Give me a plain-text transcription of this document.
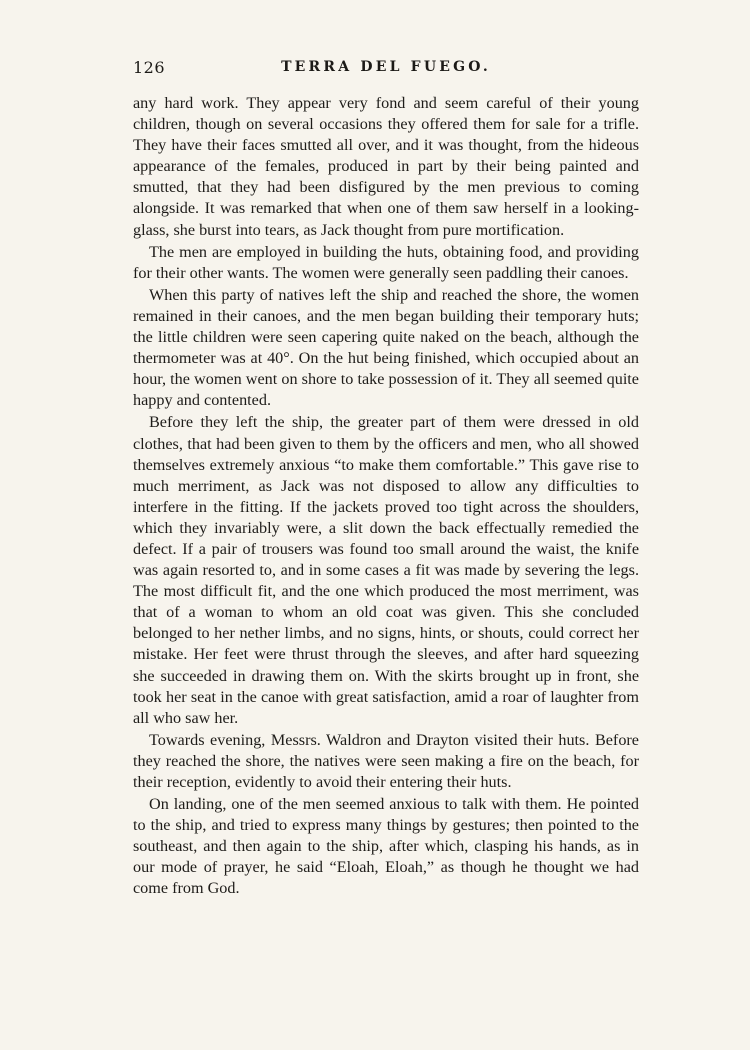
126	TERRA DEL FUEGO.

any hard work. They appear very fond and seem careful of their young children, though on several occasions they offered them for sale for a trifle. They have their faces smutted all over, and it was thought, from the hideous appearance of the females, produced in part by their being painted and smutted, that they had been disfigured by the men previous to coming alongside. It was remarked that when one of them saw herself in a looking-glass, she burst into tears, as Jack thought from pure mortification.

The men are employed in building the huts, obtaining food, and providing for their other wants. The women were generally seen paddling their canoes.

When this party of natives left the ship and reached the shore, the women remained in their canoes, and the men began building their temporary huts; the little children were seen capering quite naked on the beach, although the thermometer was at 40°. On the hut being finished, which occupied about an hour, the women went on shore to take possession of it. They all seemed quite happy and contented.

Before they left the ship, the greater part of them were dressed in old clothes, that had been given to them by the officers and men, who all showed themselves extremely anxious “to make them comfortable.” This gave rise to much merriment, as Jack was not disposed to allow any difficulties to interfere in the fitting. If the jackets proved too tight across the shoulders, which they invariably were, a slit down the back effectually remedied the defect. If a pair of trousers was found too small around the waist, the knife was again resorted to, and in some cases a fit was made by severing the legs. The most difficult fit, and the one which produced the most merriment, was that of a woman to whom an old coat was given. This she concluded belonged to her nether limbs, and no signs, hints, or shouts, could correct her mistake. Her feet were thrust through the sleeves, and after hard squeezing she succeeded in drawing them on. With the skirts brought up in front, she took her seat in the canoe with great satisfaction, amid a roar of laughter from all who saw her.

Towards evening, Messrs. Waldron and Drayton visited their huts. Before they reached the shore, the natives were seen making a fire on the beach, for their reception, evidently to avoid their entering their huts.

On landing, one of the men seemed anxious to talk with them. He pointed to the ship, and tried to express many things by gestures; then pointed to the southeast, and then again to the ship, after which, clasping his hands, as in our mode of prayer, he said “Eloah, Eloah,” as though he thought we had come from God.
